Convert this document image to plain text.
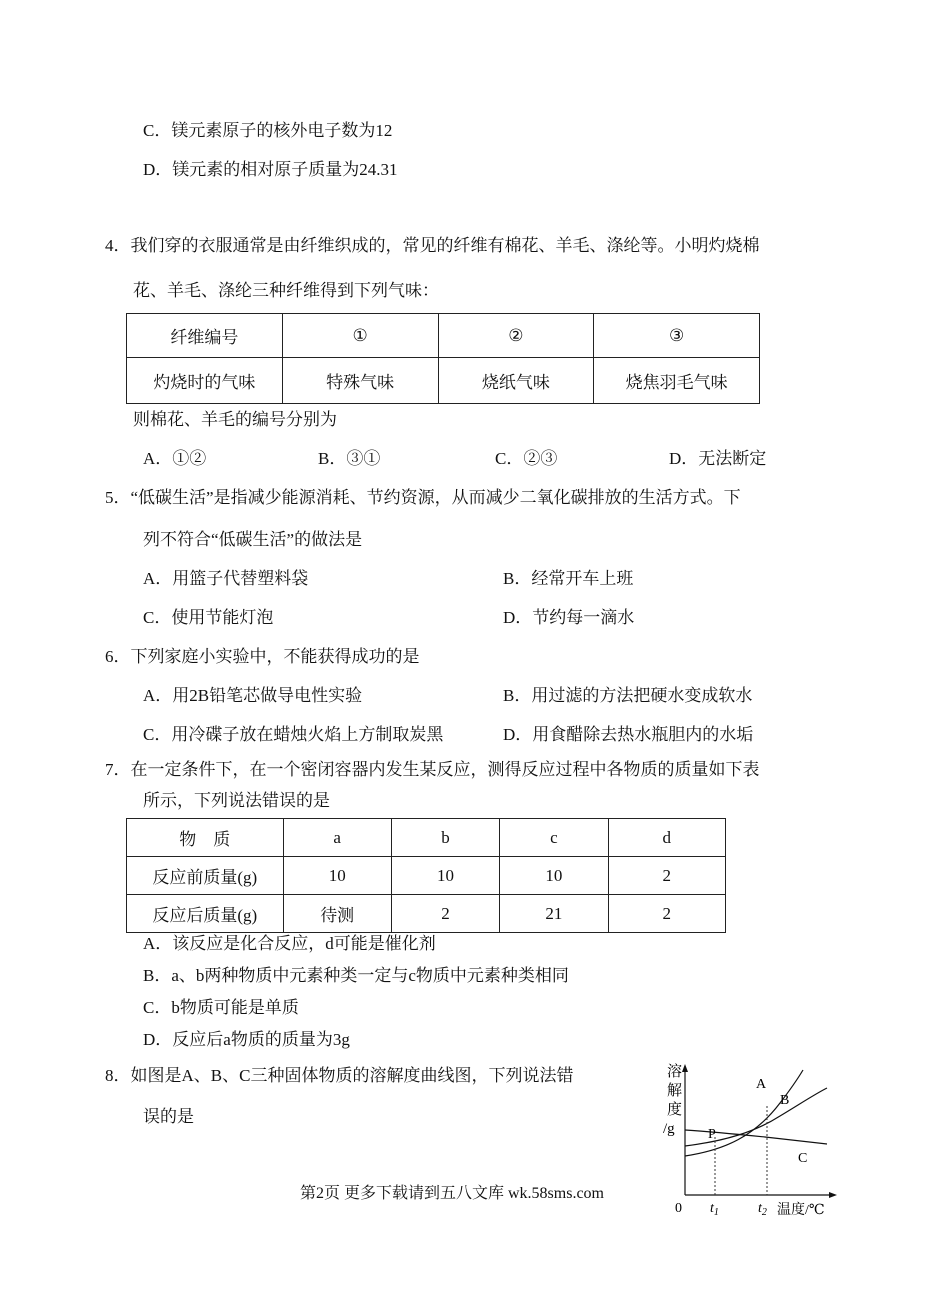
C．镁元素原子的核外电子数为12
D．镁元素的相对原子质量为24.31
4．我们穿的衣服通常是由纤维织成的，常见的纤维有棉花、羊毛、涤纶等。小明灼烧棉
花、羊毛、涤纶三种纤维得到下列气味：
纤维编号	①	②	③
灼烧时的气味	特殊气味	烧纸气味	烧焦羽毛气味
则棉花、羊毛的编号分别为
A．①②	B．③①	C．②③	D．无法断定
5．“低碳生活”是指减少能源消耗、节约资源，从而减少二氧化碳排放的生活方式。下
列不符合“低碳生活”的做法是
A．用篮子代替塑料袋	B．经常开车上班
C．使用节能灯泡	D．节约每一滴水
6．下列家庭小实验中，不能获得成功的是
A．用2B铅笔芯做导电性实验	B．用过滤的方法把硬水变成软水
C．用冷碟子放在蜡烛火焰上方制取炭黑	D．用食醋除去热水瓶胆内的水垢
7．在一定条件下，在一个密闭容器内发生某反应，测得反应过程中各物质的质量如下表
所示，下列说法错误的是
物　质	a	b	c	d
反应前质量(g)	10	10	10	2
反应后质量(g)	待测	2	21	2
A．该反应是化合反应，d可能是催化剂
B．a、b两种物质中元素种类一定与c物质中元素种类相同
C．b物质可能是单质
D．反应后a物质的质量为3g
8．如图是A、B、C三种固体物质的溶解度曲线图，下列说法错
误的是
溶
解
度
/g P
A
B
C
0 $t_1$	$t_2$ 温度/℃
第2页 更多下载请到五八文库 wk.58sms.com
